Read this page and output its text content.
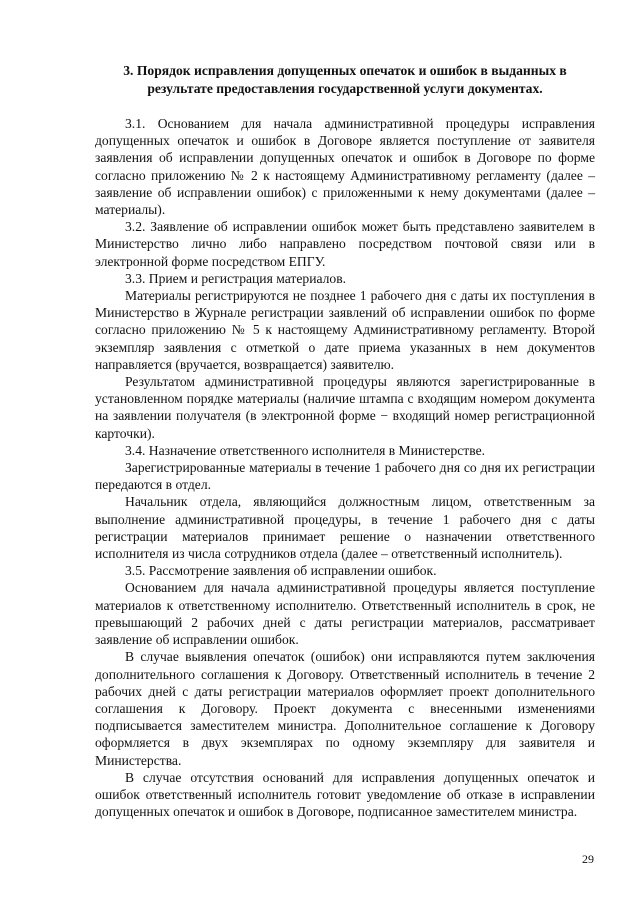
3. Порядок исправления допущенных опечаток и ошибок в выданных в результате предоставления государственной услуги документах.

3.1. Основанием для начала административной процедуры исправления допущенных опечаток и ошибок в Договоре является поступление от заявителя заявления об исправлении допущенных опечаток и ошибок в Договоре по форме согласно приложению № 2 к настоящему Административному регламенту (далее – заявление об исправлении ошибок) с приложенными к нему документами (далее – материалы).

3.2. Заявление об исправлении ошибок может быть представлено заявителем в Министерство лично либо направлено посредством почтовой связи или в электронной форме посредством ЕПГУ.

3.3. Прием и регистрация материалов.

Материалы регистрируются не позднее 1 рабочего дня с даты их поступления в Министерство в Журнале регистрации заявлений об исправлении ошибок по форме согласно приложению № 5 к настоящему Административному регламенту. Второй экземпляр заявления с отметкой о дате приема указанных в нем документов направляется (вручается, возвращается) заявителю.

Результатом административной процедуры являются зарегистрированные в установленном порядке материалы (наличие штампа с входящим номером документа на заявлении получателя (в электронной форме − входящий номер регистрационной карточки).

3.4. Назначение ответственного исполнителя в Министерстве.

Зарегистрированные материалы в течение 1 рабочего дня со дня их регистрации передаются в отдел.

Начальник отдела, являющийся должностным лицом, ответственным за выполнение административной процедуры, в течение 1 рабочего дня с даты регистрации материалов принимает решение о назначении ответственного исполнителя из числа сотрудников отдела (далее – ответственный исполнитель).

3.5. Рассмотрение заявления об исправлении ошибок.

Основанием для начала административной процедуры является поступление материалов к ответственному исполнителю. Ответственный исполнитель в срок, не превышающий 2 рабочих дней с даты регистрации материалов, рассматривает заявление об исправлении ошибок.

В случае выявления опечаток (ошибок) они исправляются путем заключения дополнительного соглашения к Договору. Ответственный исполнитель в течение 2 рабочих дней с даты регистрации материалов оформляет проект дополнительного соглашения к Договору. Проект документа с внесенными изменениями подписывается заместителем министра. Дополнительное соглашение к Договору оформляется в двух экземплярах по одному экземпляру для заявителя и Министерства.

В случае отсутствия оснований для исправления допущенных опечаток и ошибок ответственный исполнитель готовит уведомление об отказе в исправлении допущенных опечаток и ошибок в Договоре, подписанное заместителем министра.

29
